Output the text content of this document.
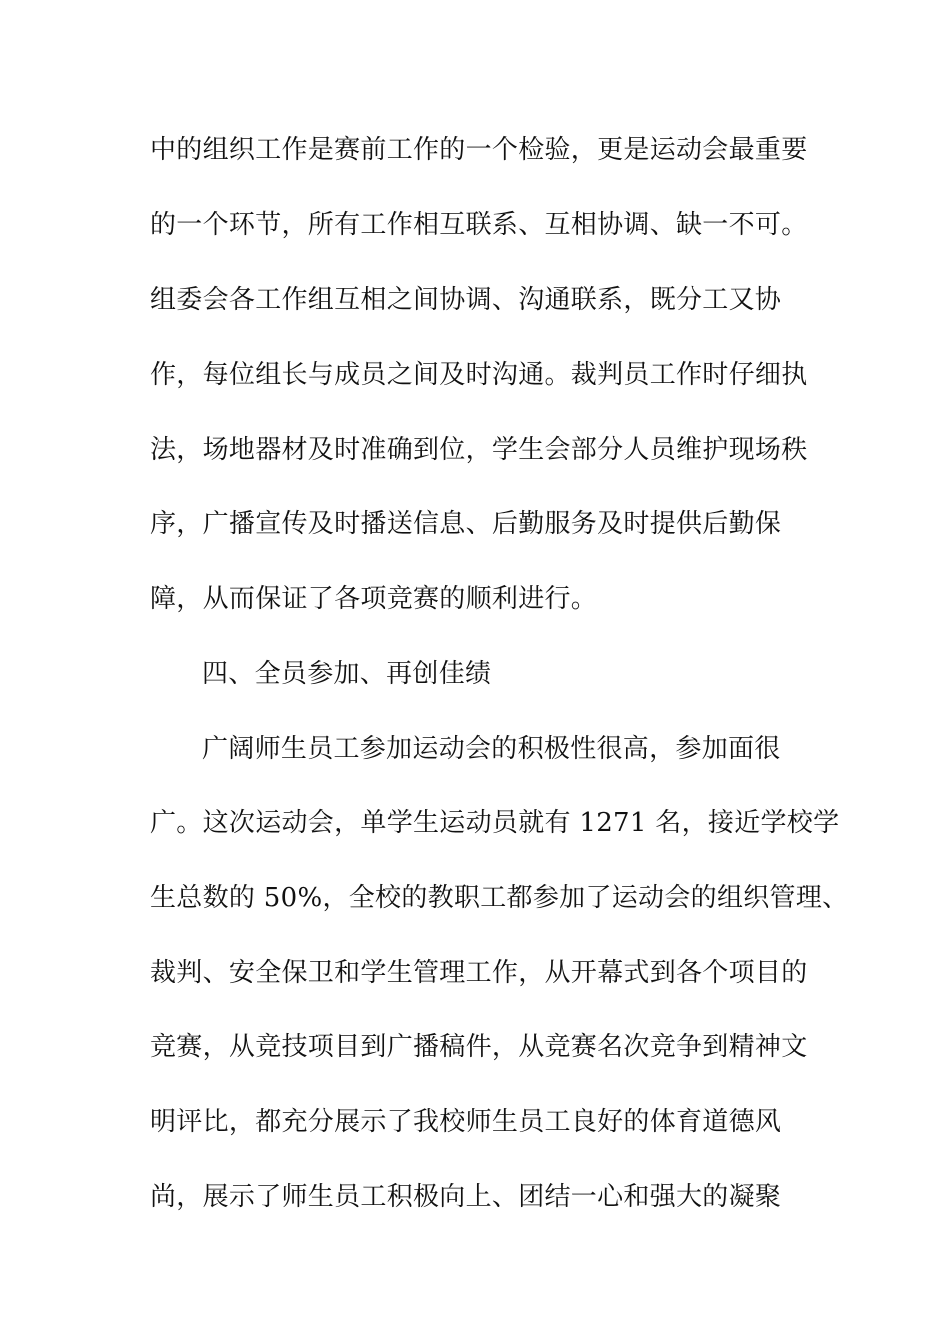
中的组织工作是赛前工作的一个检验，更是运动会最重要
的一个环节，所有工作相互联系、互相协调、缺一不可。
组委会各工作组互相之间协调、沟通联系，既分工又协
作，每位组长与成员之间及时沟通。裁判员工作时仔细执
法，场地器材及时准确到位，学生会部分人员维护现场秩
序，广播宣传及时播送信息、后勤服务及时提供后勤保
障，从而保证了各项竞赛的顺利进行。
四、全员参加、再创佳绩
广阔师生员工参加运动会的积极性很高，参加面很
广。这次运动会，单学生运动员就有 1271 名，接近学校学
生总数的 50%，全校的教职工都参加了运动会的组织管理、
裁判、安全保卫和学生管理工作，从开幕式到各个项目的
竞赛，从竞技项目到广播稿件，从竞赛名次竞争到精神文
明评比，都充分展示了我校师生员工良好的体育道德风
尚，展示了师生员工积极向上、团结一心和强大的凝聚
